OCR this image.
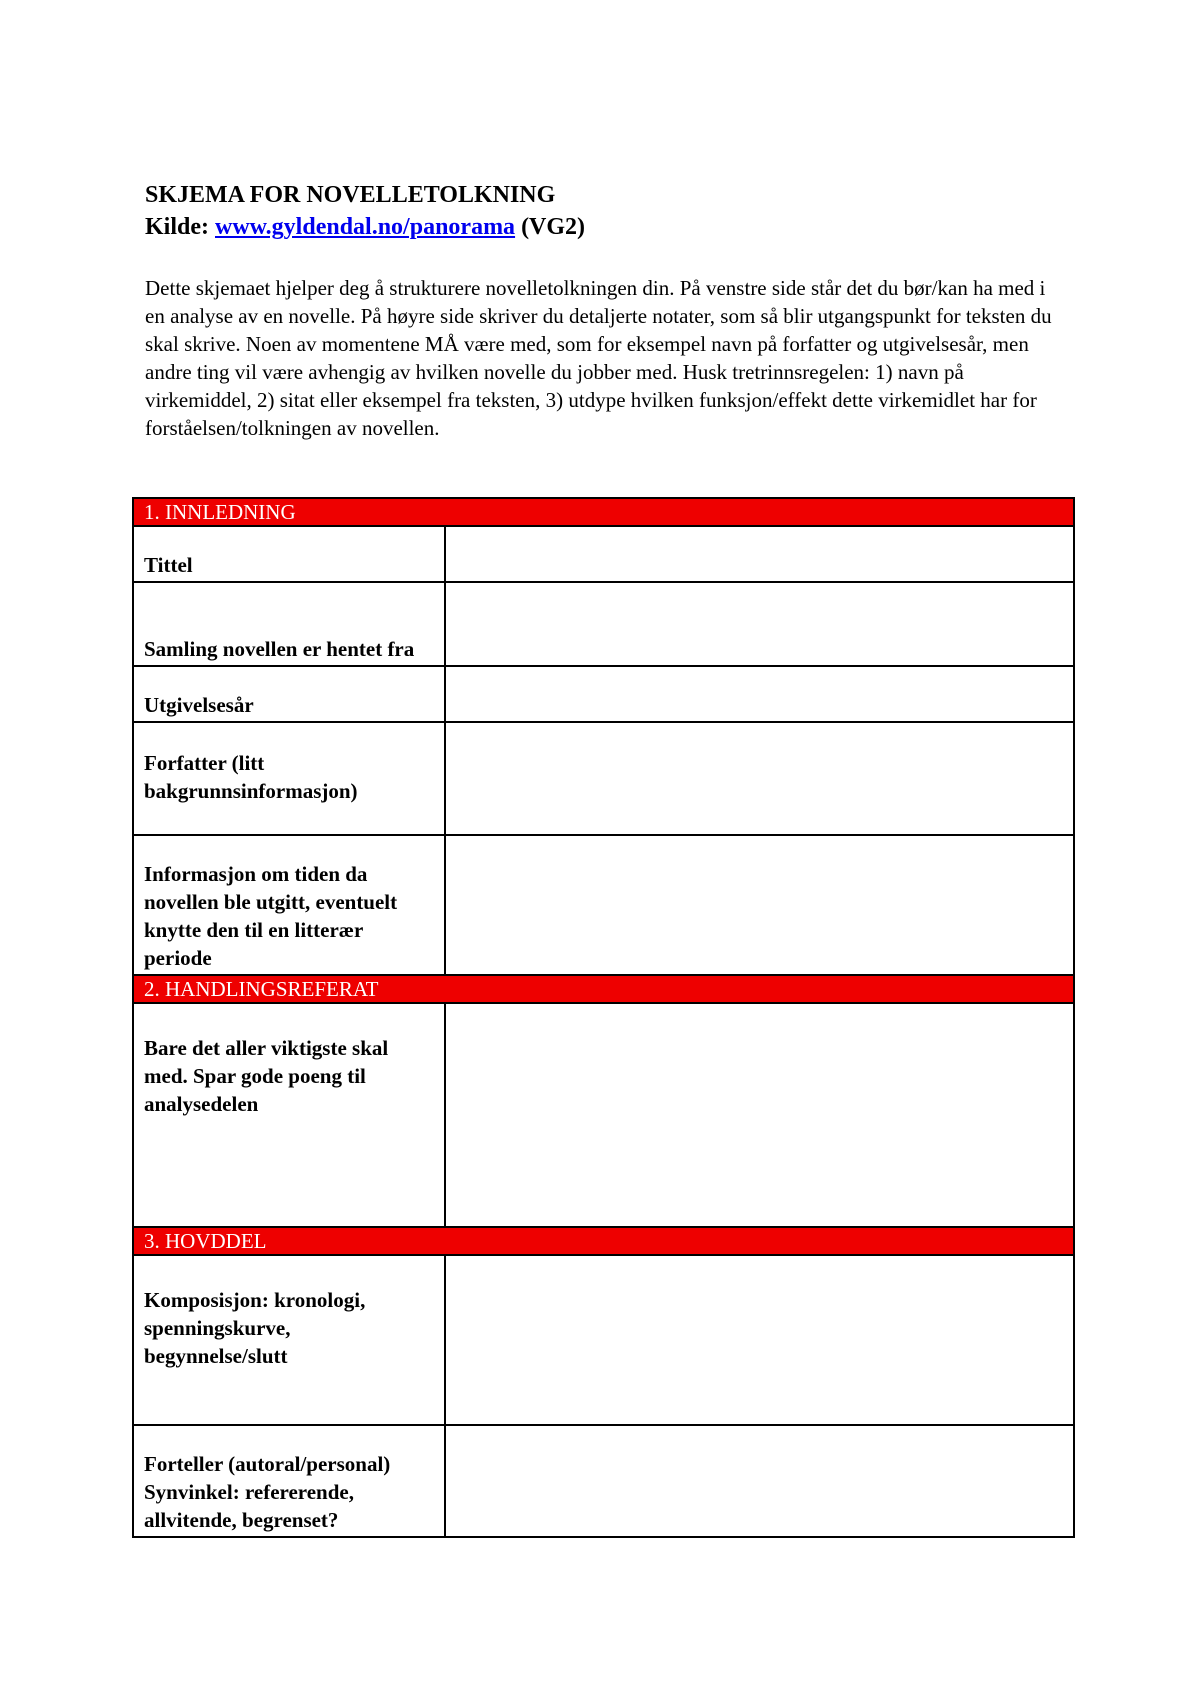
SKJEMA FOR NOVELLETOLKNING
Kilde: www.gyldendal.no/panorama (VG2)

Dette skjemaet hjelper deg å strukturere novelletolkningen din. På venstre side står det du bør/kan ha med i en analyse av en novelle. På høyre side skriver du detaljerte notater, som så blir utgangspunkt for teksten du skal skrive. Noen av momentene MÅ være med, som for eksempel navn på forfatter og utgivelsesår, men andre ting vil være avhengig av hvilken novelle du jobber med. Husk tretrinnsregelen: 1) navn på virkemiddel, 2) sitat eller eksempel fra teksten, 3) utdype hvilken funksjon/effekt dette virkemidlet har for forståelsen/tolkningen av novellen.

1. INNLEDNING	
Tittel	
Samling novellen er hentet fra	
Utgivelsesår	
Forfatter (litt bakgrunnsinformasjon)	
Informasjon om tiden da novellen ble utgitt, eventuelt knytte den til en litterær periode	
2. HANDLINGSREFERAT	
Bare det aller viktigste skal med. Spar gode poeng til analysedelen	
3. HOVDDEL	
Komposisjon: kronologi, spenningskurve, begynnelse/slutt	
Forteller (autoral/personal) Synvinkel: refererende, allvitende, begrenset?	
